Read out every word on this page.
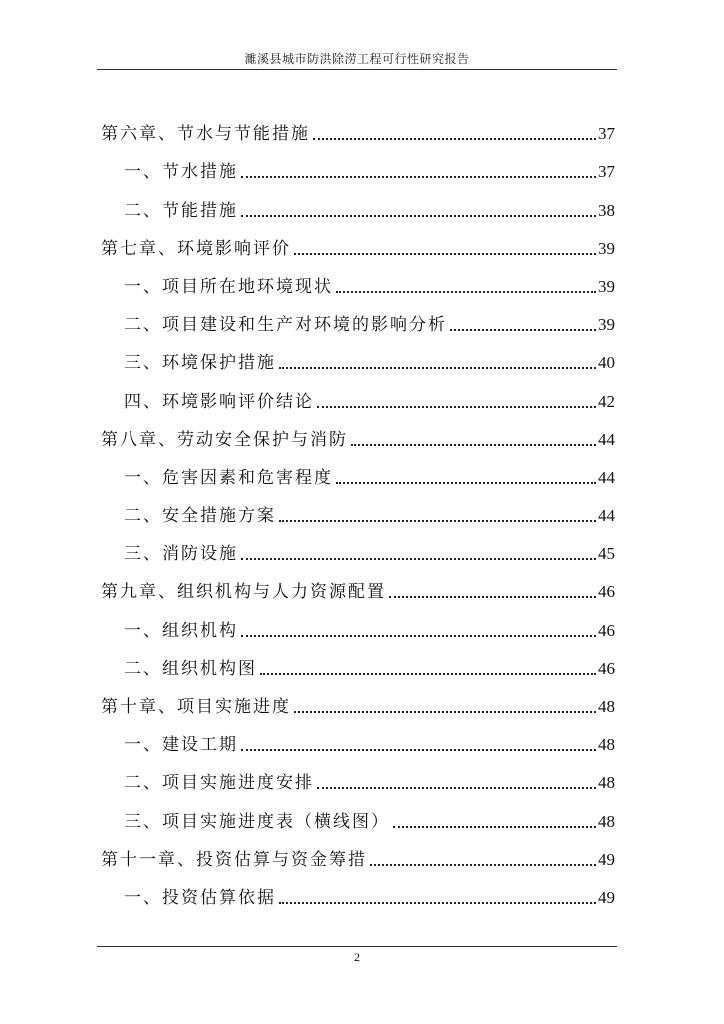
濉溪县城市防洪除涝工程可行性研究报告
第六章、节水与节能措施	37
一、节水措施	37
二、节能措施	38
第七章、环境影响评价	39
一、项目所在地环境现状	39
二、项目建设和生产对环境的影响分析	39
三、环境保护措施	40
四、环境影响评价结论	42
第八章、劳动安全保护与消防	44
一、危害因素和危害程度	44
二、安全措施方案	44
三、消防设施	45
第九章、组织机构与人力资源配置	46
一、组织机构	46
二、组织机构图	46
第十章、项目实施进度	48
一、建设工期	48
二、项目实施进度安排	48
三、项目实施进度表（横线图）	48
第十一章、投资估算与资金筹措	49
一、投资估算依据	49
2
